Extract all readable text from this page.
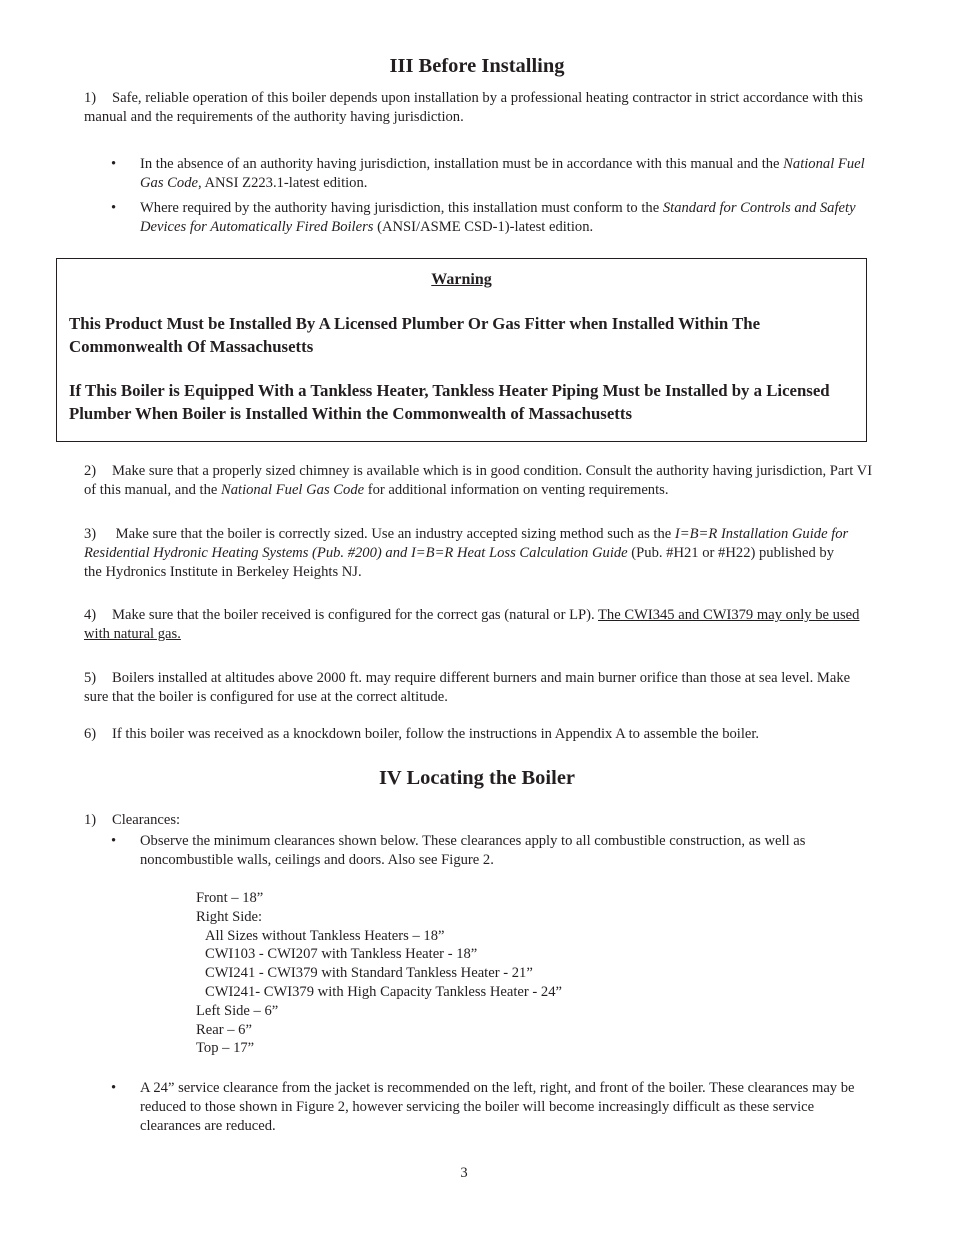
III Before Installing
1) Safe, reliable operation of this boiler depends upon installation by a professional heating contractor in strict accordance with this manual and the requirements of the authority having jurisdiction.
• In the absence of an authority having jurisdiction, installation must be in accordance with this manual and the National Fuel Gas Code, ANSI Z223.1-latest edition.
• Where required by the authority having jurisdiction, this installation must conform to the Standard for Controls and Safety Devices for Automatically Fired Boilers (ANSI/ASME CSD-1)-latest edition.
Warning
This Product Must be Installed By A Licensed Plumber Or Gas Fitter when Installed Within The Commonwealth Of Massachusetts
If This Boiler is Equipped With a Tankless Heater, Tankless Heater Piping Must be Installed by a Licensed Plumber When Boiler is Installed Within the Commonwealth of Massachusetts
2) Make sure that a properly sized chimney is available which is in good condition. Consult the authority having jurisdiction, Part VI of this manual, and the National Fuel Gas Code for additional information on venting requirements.
3) Make sure that the boiler is correctly sized. Use an industry accepted sizing method such as the I=B=R Installation Guide for Residential Hydronic Heating Systems (Pub. #200) and I=B=R Heat Loss Calculation Guide (Pub. #H21 or #H22) published by the Hydronics Institute in Berkeley Heights NJ.
4) Make sure that the boiler received is configured for the correct gas (natural or LP). The CWI345 and CWI379 may only be used with natural gas.
5) Boilers installed at altitudes above 2000 ft. may require different burners and main burner orifice than those at sea level. Make sure that the boiler is configured for use at the correct altitude.
6) If this boiler was received as a knockdown boiler, follow the instructions in Appendix A to assemble the boiler.
IV Locating the Boiler
1) Clearances:
• Observe the minimum clearances shown below. These clearances apply to all combustible construction, as well as noncombustible walls, ceilings and doors. Also see Figure 2.
Front – 18”
Right Side:
All Sizes without Tankless Heaters – 18”
CWI103 - CWI207 with Tankless Heater - 18”
CWI241 - CWI379 with Standard Tankless Heater - 21”
CWI241- CWI379 with High Capacity Tankless Heater - 24”
Left Side – 6”
Rear – 6”
Top – 17”
• A 24” service clearance from the jacket is recommended on the left, right, and front of the boiler. These clearances may be reduced to those shown in Figure 2, however servicing the boiler will become increasingly difficult as these service clearances are reduced.
3
